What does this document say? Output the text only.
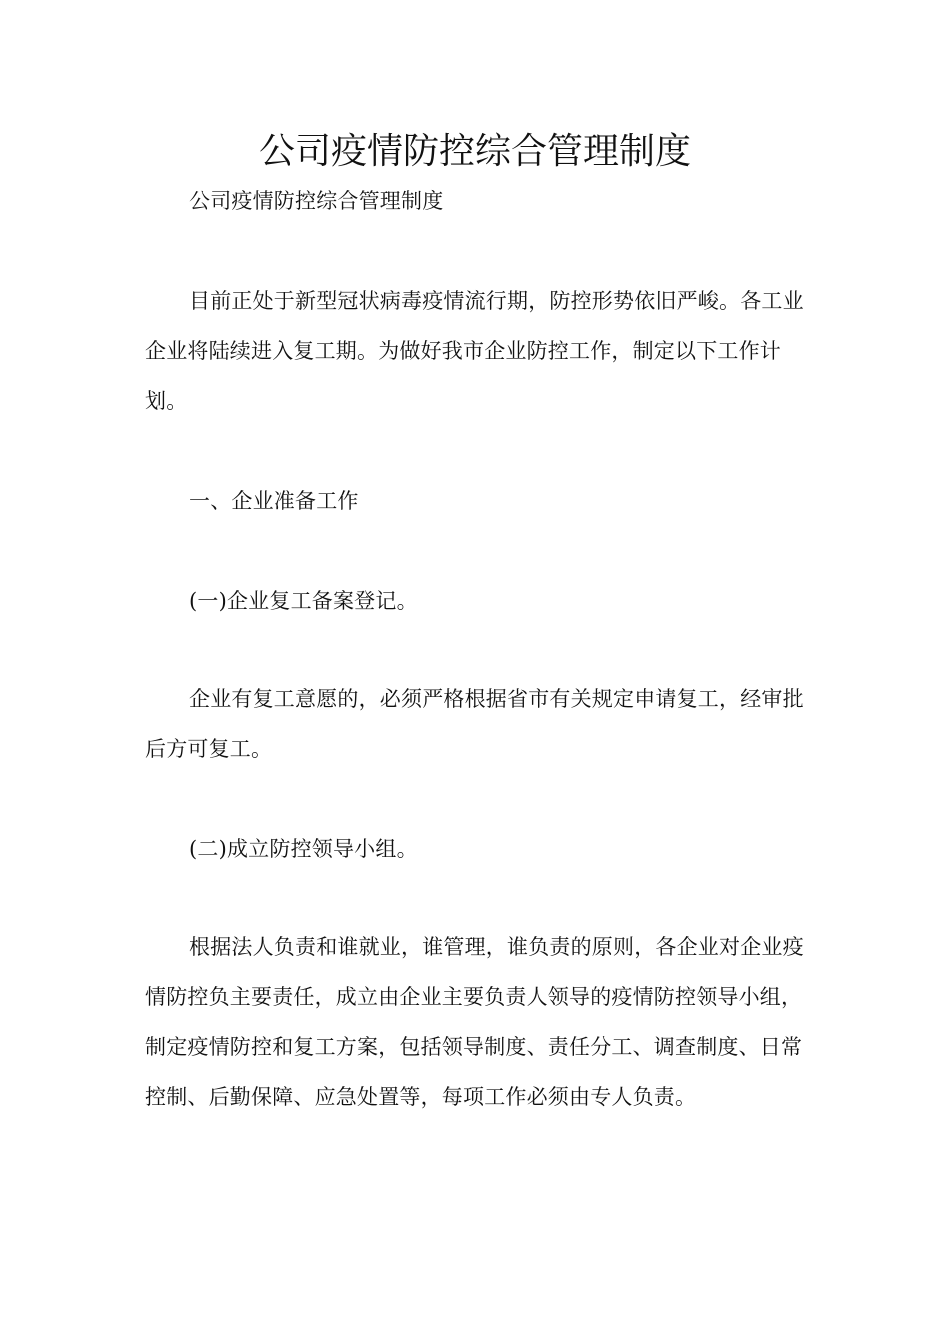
公司疫情防控综合管理制度

公司疫情防控综合管理制度

目前正处于新型冠状病毒疫情流行期，防控形势依旧严峻。各工业企业将陆续进入复工期。为做好我市企业防控工作，制定以下工作计划。

一、企业准备工作

(一)企业复工备案登记。

企业有复工意愿的，必须严格根据省市有关规定申请复工，经审批后方可复工。

(二)成立防控领导小组。

根据法人负责和谁就业，谁管理，谁负责的原则，各企业对企业疫情防控负主要责任，成立由企业主要负责人领导的疫情防控领导小组，制定疫情防控和复工方案，包括领导制度、责任分工、调查制度、日常控制、后勤保障、应急处置等，每项工作必须由专人负责。
